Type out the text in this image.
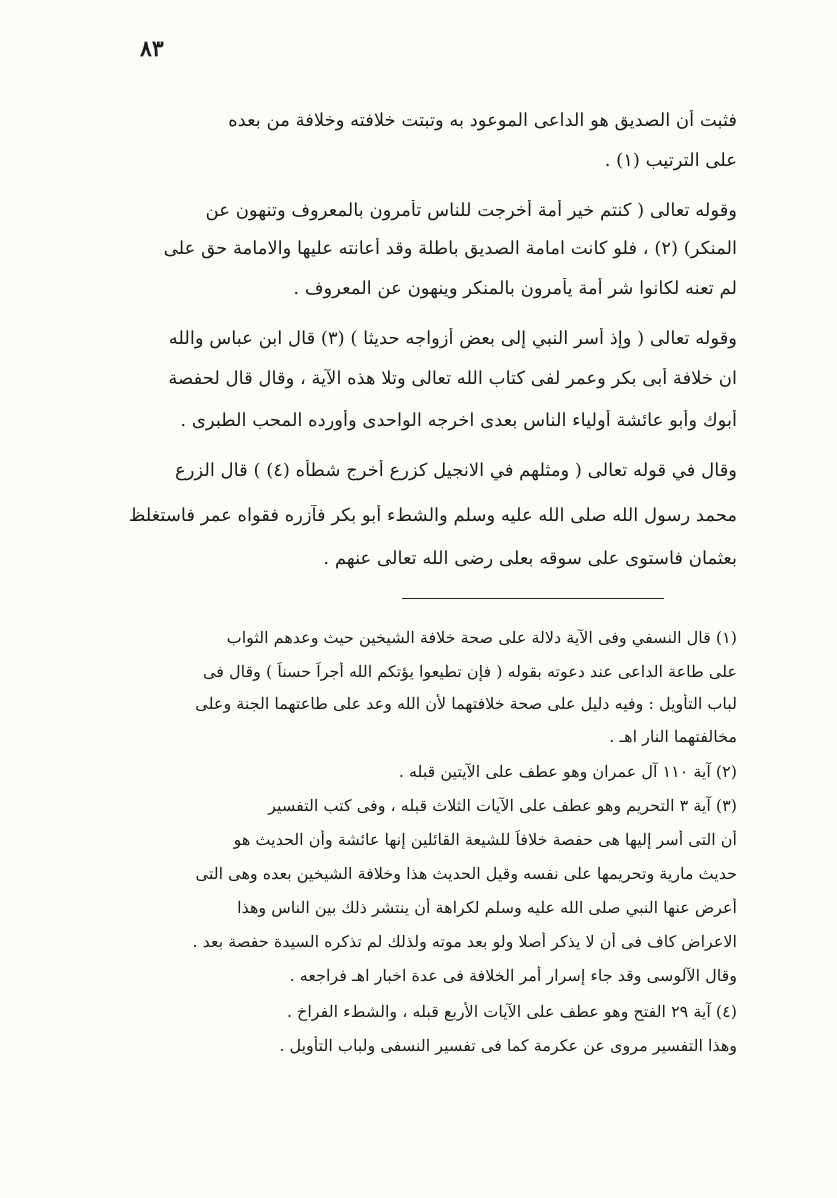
٨٣
فثبت أن الصديق هو الداعى الموعود به وتبتت خلافته وخلافة من بعده
على الترتيب (١) .
وقوله تعالى ( كنتم خير أمة أخرجت للناس تأمرون بالمعروف وتنهون عن
المنكر) (٢) ، فلو كانت امامة الصديق باطلة وقد أعانته عليها والامامة حق على
لم تعنه لكانوا شر أمة يأمرون بالمنكر وينهون عن المعروف .
وقوله تعالى ( وإذ أسر النبي إلى بعض أزواجه حديثا ) (٣) قال ابن عباس والله
ان خلافة أبى بكر وعمر لفى كتاب الله تعالى وتلا هذه الآية ، وقال قال لحفصة
أبوك وأبو عائشة أولياء الناس بعدى اخرجه الواحدى وأورده المحب الطبرى .
وقال في قوله تعالى ( ومثلهم في الانجيل كزرع أخرج شطأه (٤) ) قال الزرع
محمد رسول الله صلى الله عليه وسلم والشطء أبو بكر فآزره فقواه عمر فاستغلظ
بعثمان فاستوى على سوقه بعلى رضى الله تعالى عنهم .
(١) قال النسفي وفى الآية دلالة على صحة خلافة الشيخين حيث وعدهم الثواب
على طاعة الداعى عند دعوته بقوله ( فإن تطيعوا يؤتكم الله أجراً حسناً ) وقال فى
لباب التأويل : وفيه دليل على صحة خلافتهما لأن الله وعد على طاعتهما الجنة وعلى
مخالفتهما النار اهـ .
(٢) آية ١١٠ آل عمران وهو عطف على الآيتين قبله .
(٣) آية ٣ التحريم وهو عطف على الآيات الثلاث قبله ، وفى كتب التفسير
أن التى أسر إليها هى حفصة خلافاً للشيعة القائلين إنها عائشة وأن الحديث هو
حديث مارية وتحريمها على نفسه وقيل الحديث هذا وخلافة الشيخين بعده وهى التى
أعرض عنها النبي صلى الله عليه وسلم لكراهة أن ينتشر ذلك بين الناس وهذا
الاعراض كاف فى أن لا يذكر أصلا ولو بعد موته ولذلك لم تذكره السيدة حفصة بعد .
وقال الآلوسى وقد جاء إسرار أمر الخلافة فى عدة اخبار اهـ فراجعه .
(٤) آية ٢٩ الفتح وهو عطف على الآيات الأربع قبله ، والشطء الفراخ .
وهذا التفسير مروى عن عكرمة كما فى تفسير النسفى ولباب التأويل .
